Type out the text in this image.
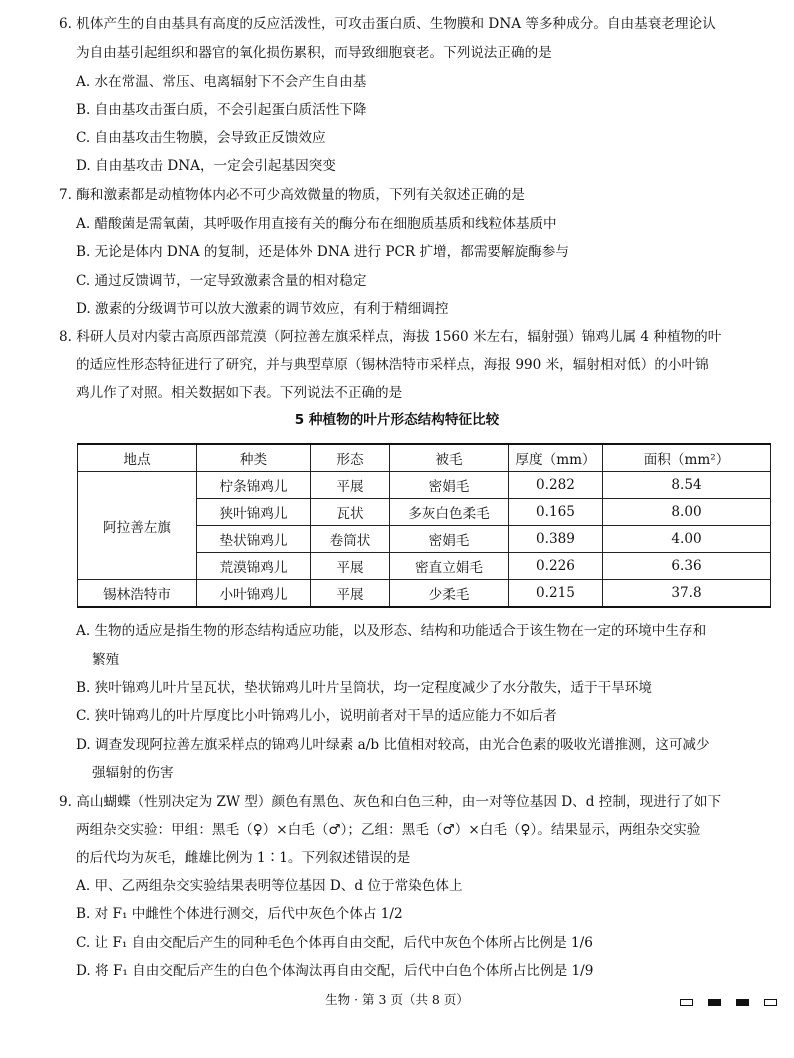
6. 机体产生的自由基具有高度的反应活泼性，可攻击蛋白质、生物膜和 DNA 等多种成分。自由基衰老理论认
为自由基引起组织和器官的氧化损伤累积，而导致细胞衰老。下列说法正确的是
A. 水在常温、常压、电离辐射下不会产生自由基
B. 自由基攻击蛋白质，不会引起蛋白质活性下降
C. 自由基攻击生物膜，会导致正反馈效应
D. 自由基攻击 DNA，一定会引起基因突变
7. 酶和激素都是动植物体内必不可少高效微量的物质，下列有关叙述正确的是
A. 醋酸菌是需氧菌，其呼吸作用直接有关的酶分布在细胞质基质和线粒体基质中
B. 无论是体内 DNA 的复制，还是体外 DNA 进行 PCR 扩增，都需要解旋酶参与
C. 通过反馈调节，一定导致激素含量的相对稳定
D. 激素的分级调节可以放大激素的调节效应，有利于精细调控
8. 科研人员对内蒙古高原西部荒漠（阿拉善左旗采样点，海拔 1560 米左右，辐射强）锦鸡儿属 4 种植物的叶
的适应性形态特征进行了研究，并与典型草原（锡林浩特市采样点，海报 990 米，辐射相对低）的小叶锦
鸡儿作了对照。相关数据如下表。下列说法不正确的是
5 种植物的叶片形态结构特征比较
地点	种类	形态	被毛	厚度（mm）	面积（mm²）
阿拉善左旗	柠条锦鸡儿	平展	密娟毛	0.282	8.54
	狭叶锦鸡儿	瓦状	多灰白色柔毛	0.165	8.00
	垫状锦鸡儿	卷筒状	密娟毛	0.389	4.00
	荒漠锦鸡儿	平展	密直立娟毛	0.226	6.36
锡林浩特市	小叶锦鸡儿	平展	少柔毛	0.215	37.8
A. 生物的适应是指生物的形态结构适应功能，以及形态、结构和功能适合于该生物在一定的环境中生存和
繁殖
B. 狭叶锦鸡儿叶片呈瓦状，垫状锦鸡儿叶片呈筒状，均一定程度减少了水分散失，适于干旱环境
C. 狭叶锦鸡儿的叶片厚度比小叶锦鸡儿小，说明前者对干旱的适应能力不如后者
D. 调查发现阿拉善左旗采样点的锦鸡儿叶绿素 a/b 比值相对较高，由光合色素的吸收光谱推测，这可减少
强辐射的伤害
9. 高山蝴蝶（性别决定为 ZW 型）颜色有黑色、灰色和白色三种，由一对等位基因 D、d 控制，现进行了如下
两组杂交实验：甲组：黑毛（♀）×白毛（♂）；乙组：黑毛（♂）×白毛（♀）。结果显示，两组杂交实验
的后代均为灰毛，雌雄比例为 1∶1。下列叙述错误的是
A. 甲、乙两组杂交实验结果表明等位基因 D、d 位于常染色体上
B. 对 F₁ 中雌性个体进行测交，后代中灰色个体占 1/2
C. 让 F₁ 自由交配后产生的同种毛色个体再自由交配，后代中灰色个体所占比例是 1/6
D. 将 F₁ 自由交配后产生的白色个体淘汰再自由交配，后代中白色个体所占比例是 1/9
生物 · 第 3 页（共 8 页）
